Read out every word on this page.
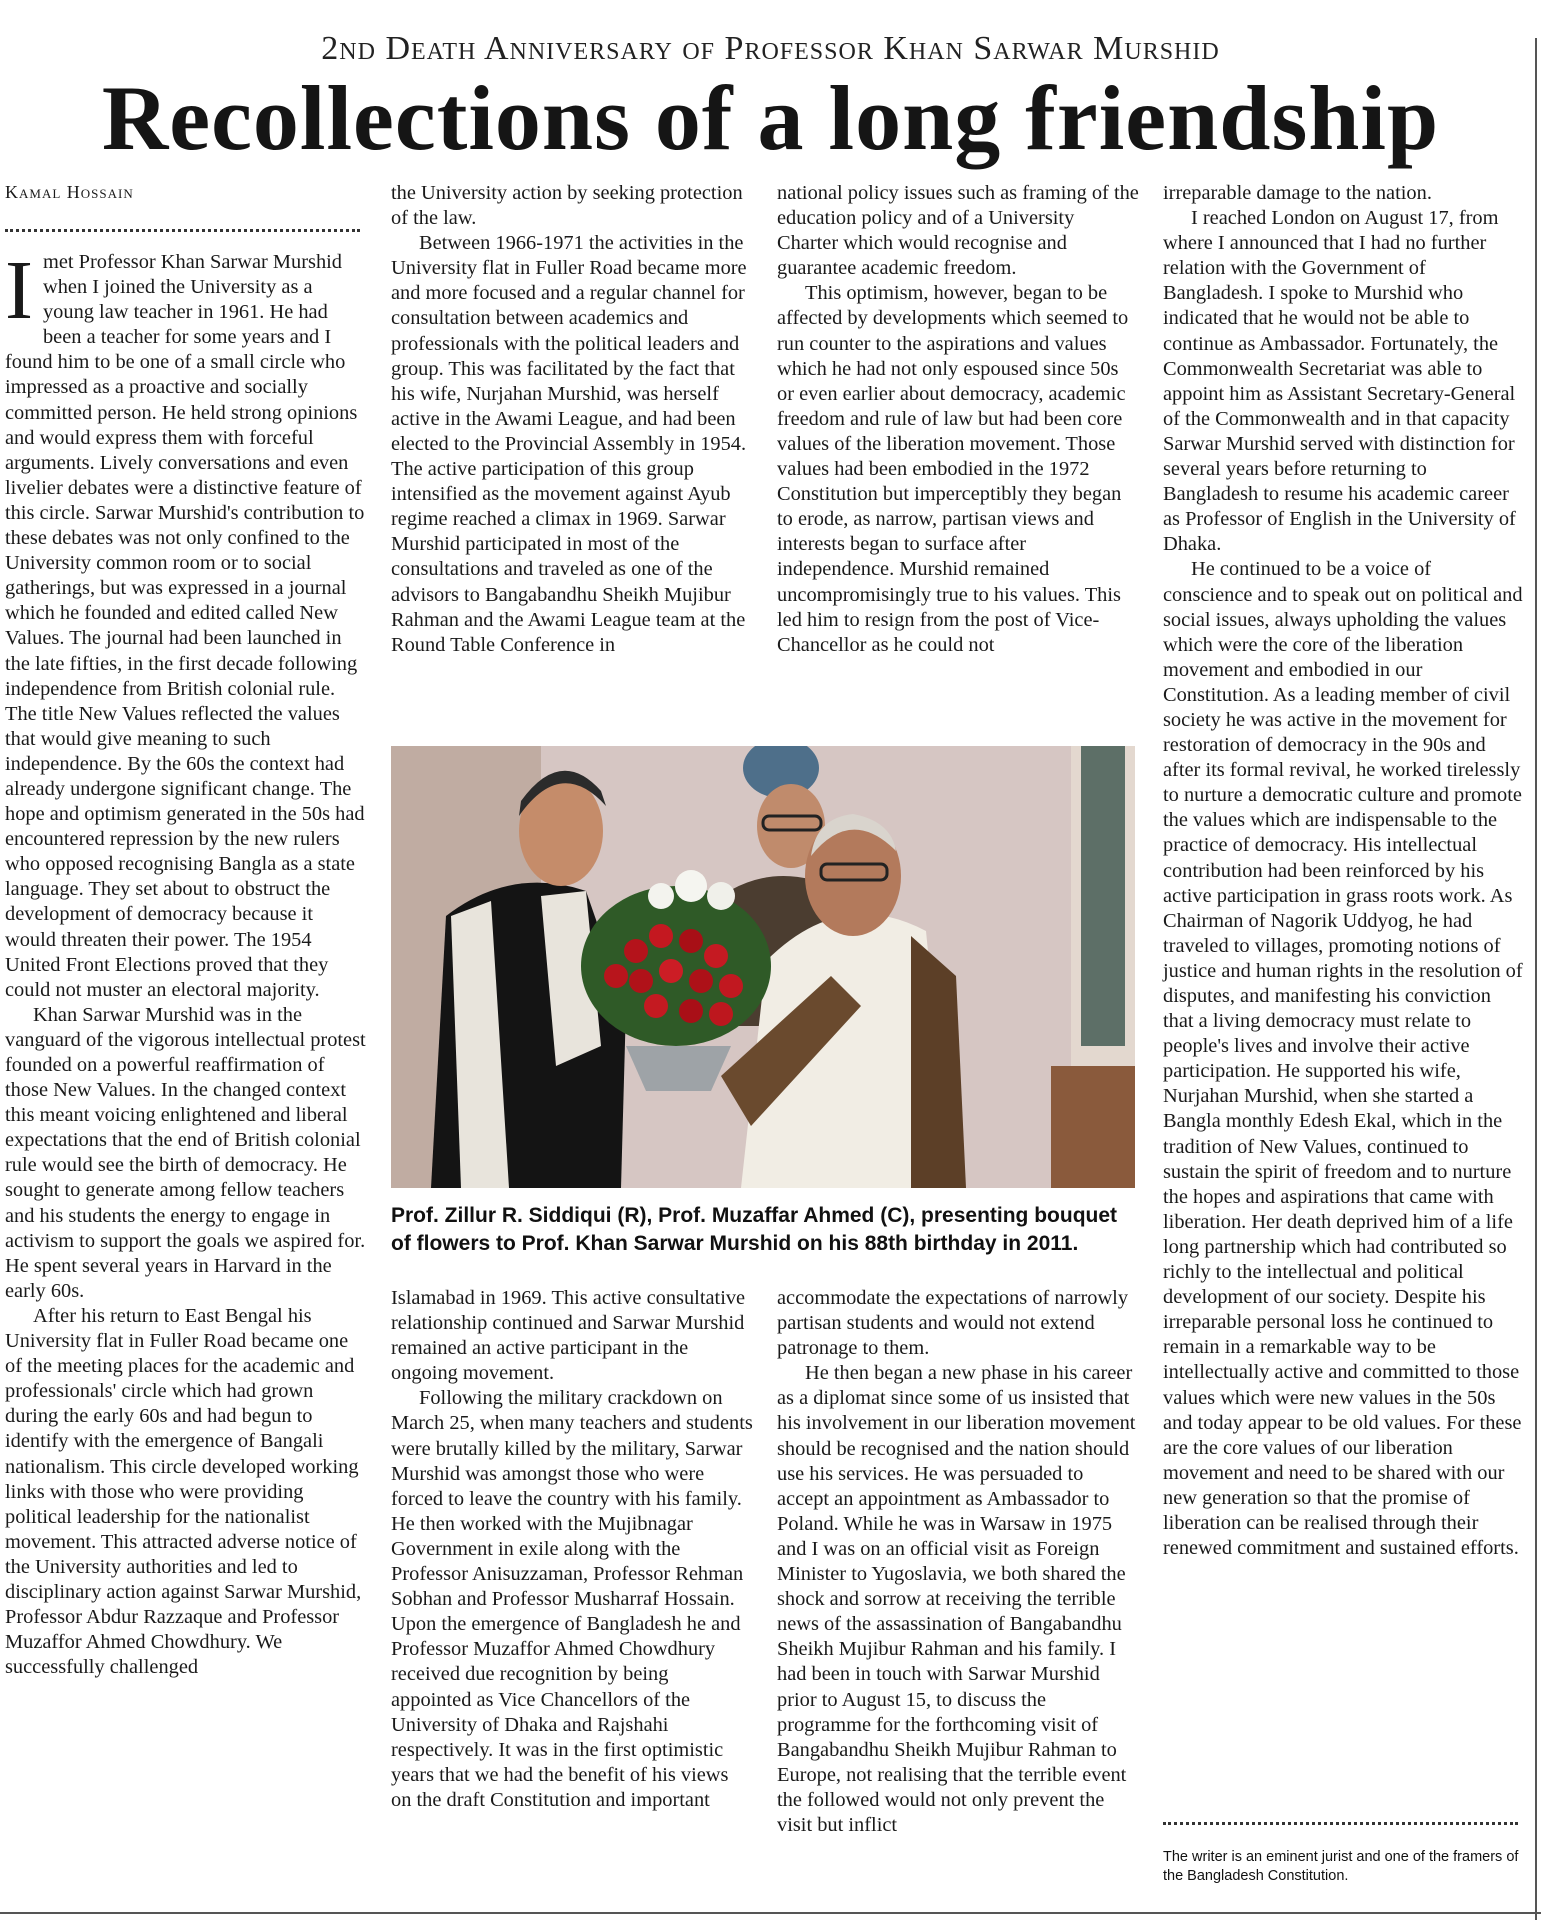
2nd Death Anniversary of Professor Khan Sarwar Murshid
Recollections of a long friendship
Kamal Hossain

Imet Professor Khan Sarwar Murshid when I joined the University as a young law teacher in 1961. He had been a teacher for some years and I found him to be one of a small circle who impressed as a proactive and socially committed person. He held strong opinions and would express them with forceful arguments. Lively conversations and even livelier debates were a distinctive feature of this circle. Sarwar Murshid's contribution to these debates was not only confined to the University common room or to social gatherings, but was expressed in a journal which he founded and edited called New Values. The journal had been launched in the late fifties, in the first decade following independence from British colonial rule. The title New Values reflected the values that would give meaning to such independence. By the 60s the context had already undergone significant change. The hope and optimism generated in the 50s had encountered repression by the new rulers who opposed recognising Bangla as a state language. They set about to obstruct the development of democracy because it would threaten their power. The 1954 United Front Elections proved that they could not muster an electoral majority.

Khan Sarwar Murshid was in the vanguard of the vigorous intellectual protest founded on a powerful reaffirmation of those New Values. In the changed context this meant voicing enlightened and liberal expectations that the end of British colonial rule would see the birth of democracy. He sought to generate among fellow teachers and his students the energy to engage in activism to support the goals we aspired for. He spent several years in Harvard in the early 60s.

After his return to East Bengal his University flat in Fuller Road became one of the meeting places for the academic and professionals' circle which had grown during the early 60s and had begun to identify with the emergence of Bangali nationalism. This circle developed working links with those who were providing political leadership for the nationalist movement. This attracted adverse notice of the University authorities and led to disciplinary action against Sarwar Murshid, Professor Abdur Razzaque and Professor Muzaffor Ahmed Chowdhury. We successfully challenged

the University action by seeking protection of the law.

Between 1966-1971 the activities in the University flat in Fuller Road became more and more focused and a regular channel for consultation between academics and professionals with the political leaders and group. This was facilitated by the fact that his wife, Nurjahan Murshid, was herself active in the Awami League, and had been elected to the Provincial Assembly in 1954. The active participation of this group intensified as the movement against Ayub regime reached a climax in 1969. Sarwar Murshid participated in most of the consultations and traveled as one of the advisors to Bangabandhu Sheikh Mujibur Rahman and the Awami League team at the Round Table Conference in

national policy issues such as framing of the education policy and of a University Charter which would recognise and guarantee academic freedom.

This optimism, however, began to be affected by developments which seemed to run counter to the aspirations and values which he had not only espoused since 50s or even earlier about democracy, academic freedom and rule of law but had been core values of the liberation movement. Those values had been embodied in the 1972 Constitution but imperceptibly they began to erode, as narrow, partisan views and interests began to surface after independence. Murshid remained uncompromisingly true to his values. This led him to resign from the post of Vice-Chancellor as he could not

Prof. Zillur R. Siddiqui (R), Prof. Muzaffar Ahmed (C), presenting bouquet of flowers to Prof. Khan Sarwar Murshid on his 88th birthday in 2011.

Islamabad in 1969. This active consultative relationship continued and Sarwar Murshid remained an active participant in the ongoing movement.

Following the military crackdown on March 25, when many teachers and students were brutally killed by the military, Sarwar Murshid was amongst those who were forced to leave the country with his family. He then worked with the Mujibnagar Government in exile along with the Professor Anisuzzaman, Professor Rehman Sobhan and Professor Musharraf Hossain. Upon the emergence of Bangladesh he and Professor Muzaffor Ahmed Chowdhury received due recognition by being appointed as Vice Chancellors of the University of Dhaka and Rajshahi respectively. It was in the first optimistic years that we had the benefit of his views on the draft Constitution and important

accommodate the expectations of narrowly partisan students and would not extend patronage to them.

He then began a new phase in his career as a diplomat since some of us insisted that his involvement in our liberation movement should be recognised and the nation should use his services. He was persuaded to accept an appointment as Ambassador to Poland. While he was in Warsaw in 1975 and I was on an official visit as Foreign Minister to Yugoslavia, we both shared the shock and sorrow at receiving the terrible news of the assassination of Bangabandhu Sheikh Mujibur Rahman and his family. I had been in touch with Sarwar Murshid prior to August 15, to discuss the programme for the forthcoming visit of Bangabandhu Sheikh Mujibur Rahman to Europe, not realising that the terrible event the followed would not only prevent the visit but inflict

irreparable damage to the nation.

I reached London on August 17, from where I announced that I had no further relation with the Government of Bangladesh. I spoke to Murshid who indicated that he would not be able to continue as Ambassador. Fortunately, the Commonwealth Secretariat was able to appoint him as Assistant Secretary-General of the Commonwealth and in that capacity Sarwar Murshid served with distinction for several years before returning to Bangladesh to resume his academic career as Professor of English in the University of Dhaka.

He continued to be a voice of conscience and to speak out on political and social issues, always upholding the values which were the core of the liberation movement and embodied in our Constitution. As a leading member of civil society he was active in the movement for restoration of democracy in the 90s and after its formal revival, he worked tirelessly to nurture a democratic culture and promote the values which are indispensable to the practice of democracy. His intellectual contribution had been reinforced by his active participation in grass roots work. As Chairman of Nagorik Uddyog, he had traveled to villages, promoting notions of justice and human rights in the resolution of disputes, and manifesting his conviction that a living democracy must relate to people's lives and involve their active participation. He supported his wife, Nurjahan Murshid, when she started a Bangla monthly Edesh Ekal, which in the tradition of New Values, continued to sustain the spirit of freedom and to nurture the hopes and aspirations that came with liberation. Her death deprived him of a life long partnership which had contributed so richly to the intellectual and political development of our society. Despite his irreparable personal loss he continued to remain in a remarkable way to be intellectually active and committed to those values which were new values in the 50s and today appear to be old values. For these are the core values of our liberation movement and need to be shared with our new generation so that the promise of liberation can be realised through their renewed commitment and sustained efforts.

The writer is an eminent jurist and one of the framers of the Bangladesh Constitution.
